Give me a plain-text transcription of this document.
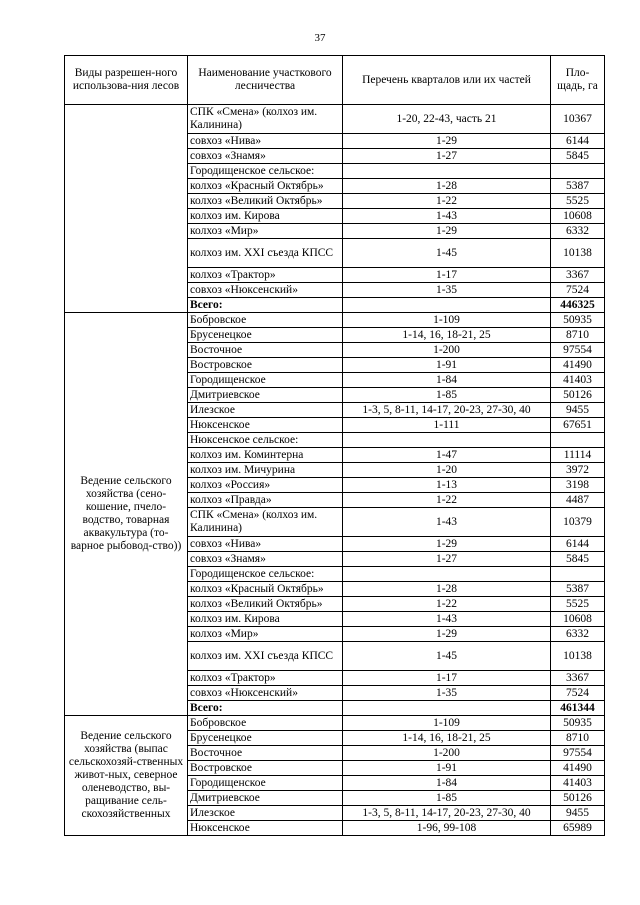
37
Виды разрешен-ного использова-ния лесов	Наименование участкового лесничества	Перечень кварталов или их частей	Пло-щадь, га
	СПК «Смена» (колхоз им. Калинина)	1-20, 22-43, часть 21	10367
	совхоз «Нива»	1-29	6144
	совхоз «Знамя»	1-27	5845
	Городищенское сельское:		
	колхоз «Красный Октябрь»	1-28	5387
	колхоз «Великий Октябрь»	1-22	5525
	колхоз им. Кирова	1-43	10608
	колхоз «Мир»	1-29	6332
	колхоз им. XXI съезда КПСС	1-45	10138
	колхоз «Трактор»	1-17	3367
	совхоз «Нюксенский»	1-35	7524
	Всего:		446325
Ведение сельского хозяйства (сено-кошение, пчело-водство, товарная аквакультура (то-варное рыбовод-ство))	Бобровское	1-109	50935
	Брусенецкое	1-14, 16, 18-21, 25	8710
	Восточное	1-200	97554
	Востровское	1-91	41490
	Городищенское	1-84	41403
	Дмитриевское	1-85	50126
	Илезское	1-3, 5, 8-11, 14-17, 20-23, 27-30, 40	9455
	Нюксенское	1-111	67651
	Нюксенское сельское:		
	колхоз им. Коминтерна	1-47	11114
	колхоз им. Мичурина	1-20	3972
	колхоз «Россия»	1-13	3198
	колхоз «Правда»	1-22	4487
	СПК «Смена» (колхоз им. Калинина)	1-43	10379
	совхоз «Нива»	1-29	6144
	совхоз «Знамя»	1-27	5845
	Городищенское сельское:		
	колхоз «Красный Октябрь»	1-28	5387
	колхоз «Великий Октябрь»	1-22	5525
	колхоз им. Кирова	1-43	10608
	колхоз «Мир»	1-29	6332
	колхоз им. XXI съезда КПСС	1-45	10138
	колхоз «Трактор»	1-17	3367
	совхоз «Нюксенский»	1-35	7524
	Всего:		461344
Ведение сельского хозяйства (выпас сельскохозяй-ственных живот-ных, северное оленеводство, вы-ращивание сель-скохозяйственных	Бобровское	1-109	50935
	Брусенецкое	1-14, 16, 18-21, 25	8710
	Восточное	1-200	97554
	Востровское	1-91	41490
	Городищенское	1-84	41403
	Дмитриевское	1-85	50126
	Илезское	1-3, 5, 8-11, 14-17, 20-23, 27-30, 40	9455
	Нюксенское	1-96, 99-108	65989
